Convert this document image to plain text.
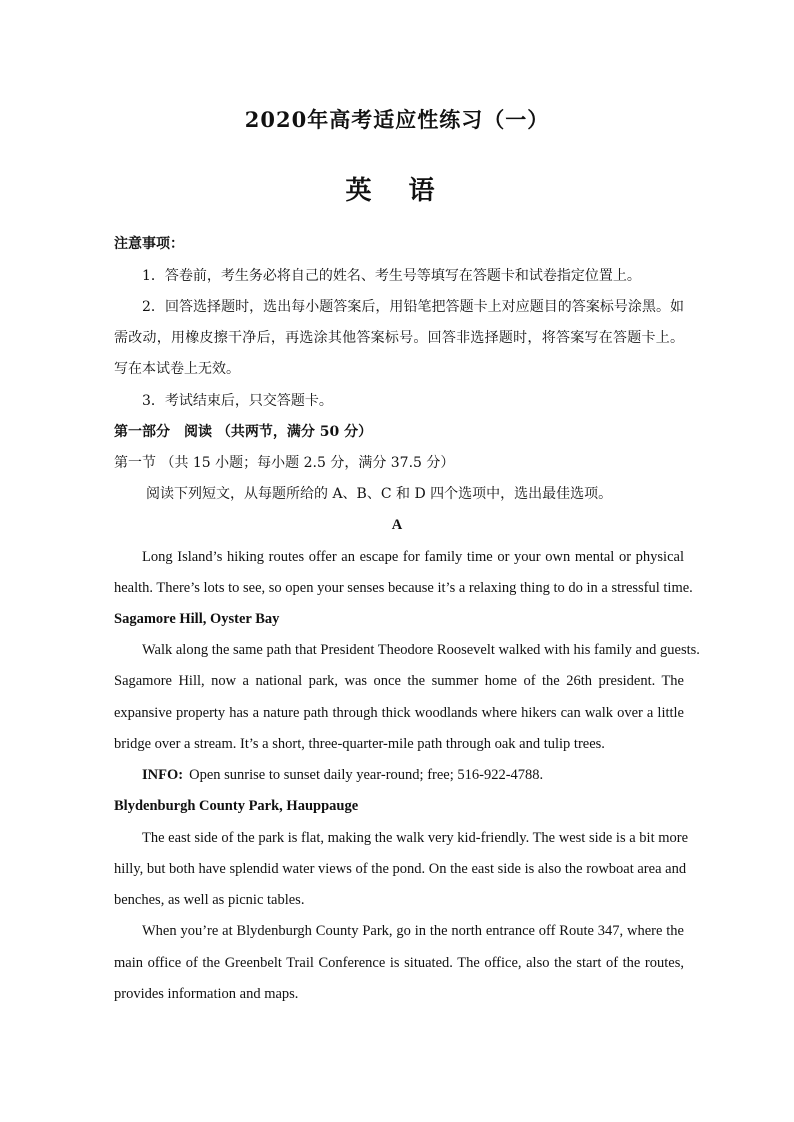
2020年高考适应性练习（一）
英 语
注意事项：
1．答卷前，考生务必将自己的姓名、考生号等填写在答题卡和试卷指定位置上。
2．回答选择题时，选出每小题答案后，用铅笔把答题卡上对应题目的答案标号涂黑。如
需改动，用橡皮擦干净后，再选涂其他答案标号。回答非选择题时，将答案写在答题卡上。
写在本试卷上无效。
3．考试结束后，只交答题卡。
第一部分　阅读 （共两节，满分 50 分）
第一节 （共 15 小题；每小题 2.5 分，满分 37.5 分）
阅读下列短文，从每题所给的 A、B、C 和 D 四个选项中，选出最佳选项。
A
Long Island’s hiking routes offer an escape for family time or your own mental or physical
health. There’s lots to see, so open your senses because it’s a relaxing thing to do in a stressful time.
Sagamore Hill, Oyster Bay
Walk along the same path that President Theodore Roosevelt walked with his family and guests.
Sagamore Hill, now a national park, was once the summer home of the 26th president. The
expansive property has a nature path through thick woodlands where hikers can walk over a little
bridge over a stream. It’s a short, three-quarter-mile path through oak and tulip trees.
INFO: Open sunrise to sunset daily year-round; free; 516-922-4788.
Blydenburgh County Park, Hauppauge
The east side of the park is flat, making the walk very kid-friendly. The west side is a bit more
hilly, but both have splendid water views of the pond. On the east side is also the rowboat area and
benches, as well as picnic tables.
When you’re at Blydenburgh County Park, go in the north entrance off Route 347, where the
main office of the Greenbelt Trail Conference is situated. The office, also the start of the routes,
provides information and maps.
